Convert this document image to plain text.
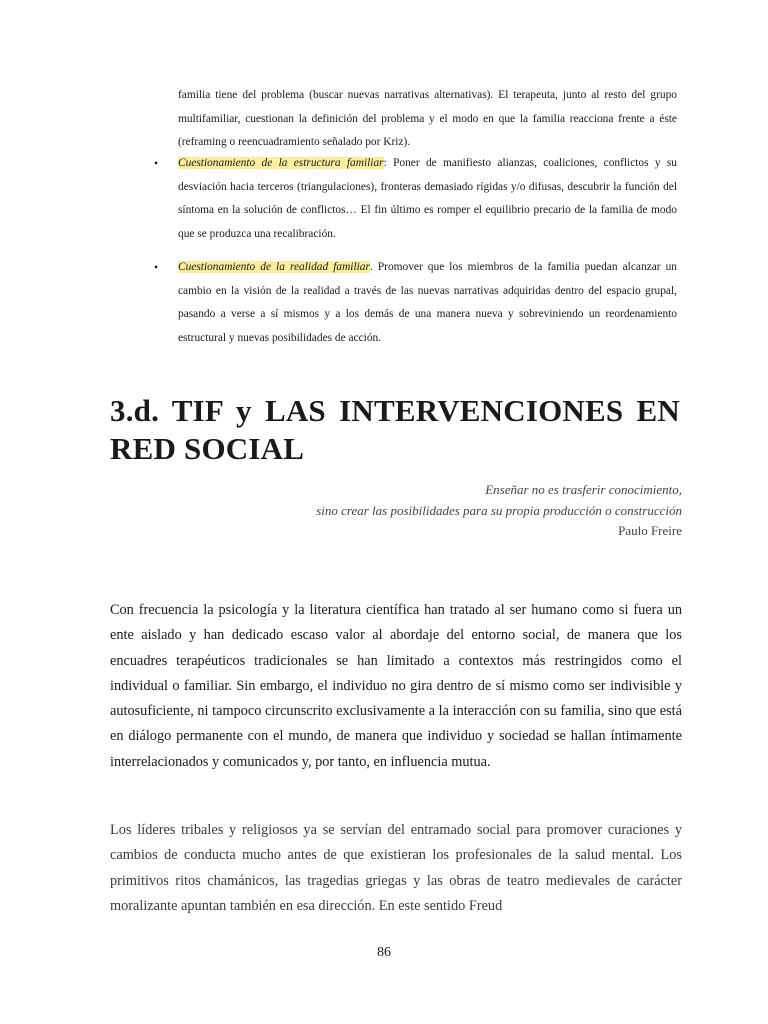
familia tiene del problema (buscar nuevas narrativas alternativas). El terapeuta, junto al resto del grupo multifamiliar, cuestionan la definición del problema y el modo en que la familia reacciona frente a éste (reframing o reencuadramiento señalado por Kriz).

• Cuestionamiento de la estructura familiar: Poner de manifiesto alianzas, coaliciones, conflictos y su desviación hacia terceros (triangulaciones), fronteras demasiado rígidas y/o difusas, descubrir la función del síntoma en la solución de conflictos… El fin último es romper el equilibrio precario de la familia de modo que se produzca una recalibración.
• Cuestionamiento de la realidad familiar. Promover que los miembros de la familia puedan alcanzar un cambio en la visión de la realidad a través de las nuevas narrativas adquiridas dentro del espacio grupal, pasando a verse a sí mismos y a los demás de una manera nueva y sobreviniendo un reordenamiento estructural y nuevas posibilidades de acción.
3.d. TIF y LAS INTERVENCIONES EN RED SOCIAL
Enseñar no es trasferir conocimiento,
sino crear las posibilidades para su propia producción o construcción
Paulo Freire

Con frecuencia la psicología y la literatura científica han tratado al ser humano como si fuera un ente aislado y han dedicado escaso valor al abordaje del entorno social, de manera que los encuadres terapéuticos tradicionales se han limitado a contextos más restringidos como el individual o familiar. Sin embargo, el individuo no gira dentro de sí mismo como ser indivisible y autosuficiente, ni tampoco circunscrito exclusivamente a la interacción con su familia, sino que está en diálogo permanente con el mundo, de manera que individuo y sociedad se hallan íntimamente interrelacionados y comunicados y, por tanto, en influencia mutua.

Los líderes tribales y religiosos ya se servían del entramado social para promover curaciones y cambios de conducta mucho antes de que existieran los profesionales de la salud mental. Los primitivos ritos chamánicos, las tragedias griegas y las obras de teatro medievales de carácter moralizante apuntan también en esa dirección. En este sentido Freud

86
